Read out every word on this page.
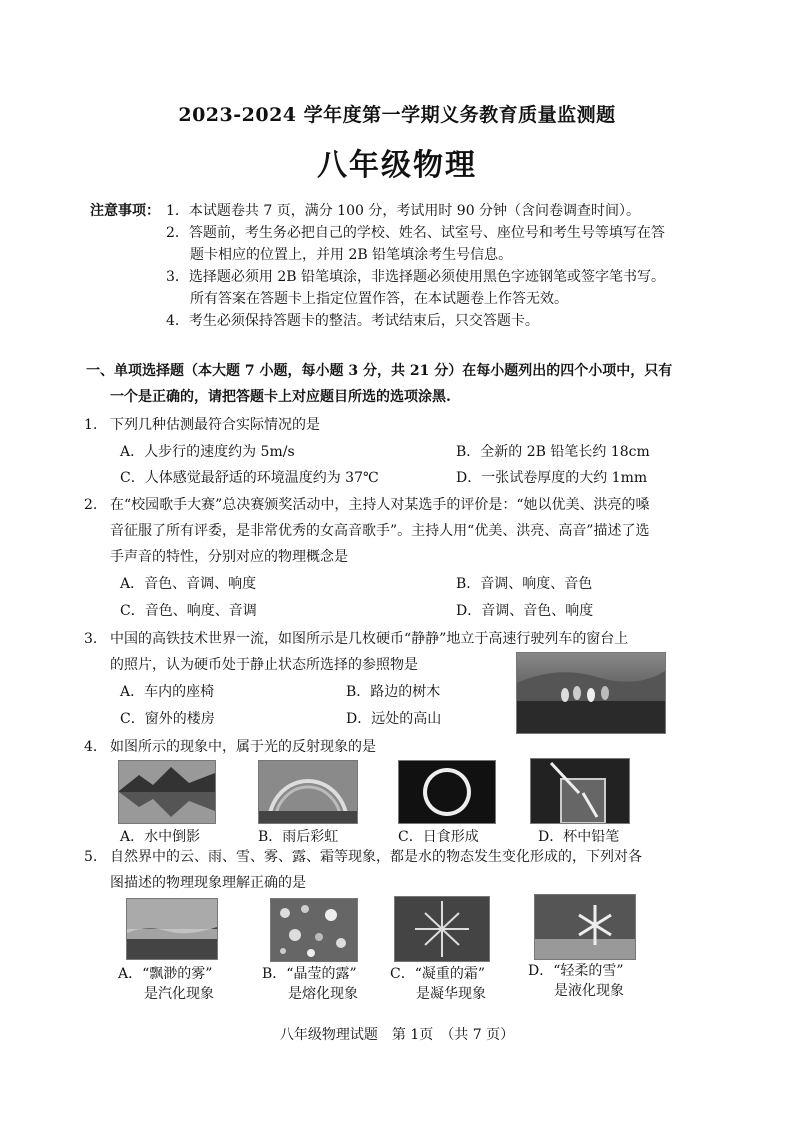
2023-2024 学年度第一学期义务教育质量监测题
八年级物理
注意事项： 1．本试题卷共 7 页，满分 100 分，考试用时 90 分钟（含问卷调查时间）。
2．答题前，考生务必把自己的学校、姓名、试室号、座位号和考生号等填写在答
题卡相应的位置上，并用 2B 铅笔填涂考生号信息。
3．选择题必须用 2B 铅笔填涂，非选择题必须使用黑色字迹钢笔或签字笔书写。
所有答案在答题卡上指定位置作答，在本试题卷上作答无效。
4．考生必须保持答题卡的整洁。考试结束后，只交答题卡。
一、单项选择题（本大题 7 小题，每小题 3 分，共 21 分）在每小题列出的四个小项中，只有
一个是正确的，请把答题卡上对应题目所选的选项涂黑.
1. 下列几种估测最符合实际情况的是
A．人步行的速度约为 5m/s	B．全新的 2B 铅笔长约 18cm
C．人体感觉最舒适的环境温度约为 37℃	D．一张试卷厚度的大约 1mm
2. 在“校园歌手大赛”总决赛颁奖活动中，主持人对某选手的评价是：“她以优美、洪亮的嗓
音征服了所有评委，是非常优秀的女高音歌手”。主持人用“优美、洪亮、高音”描述了选
手声音的特性，分别对应的物理概念是
A．音色、音调、响度	B．音调、响度、音色
C．音色、响度、音调	D．音调、音色、响度
3. 中国的高铁技术世界一流，如图所示是几枚硬币“静静”地立于高速行驶列车的窗台上
的照片，认为硬币处于静止状态所选择的参照物是
A．车内的座椅	B．路边的树木
C．窗外的楼房	D．远处的高山
4. 如图所示的现象中，属于光的反射现象的是
A．水中倒影	B．雨后彩虹	C．日食形成	D．杯中铅笔
5. 自然界中的云、雨、雪、雾、露、霜等现象，都是水的物态发生变化形成的，下列对各
图描述的物理现象理解正确的是
A．“飘渺的雾”
是汽化现象
B．“晶莹的露”
是熔化现象
C．“凝重的霜”
是凝华现象
D．“轻柔的雪”
是液化现象
八年级物理试题　第 1页　（共 7 页）
